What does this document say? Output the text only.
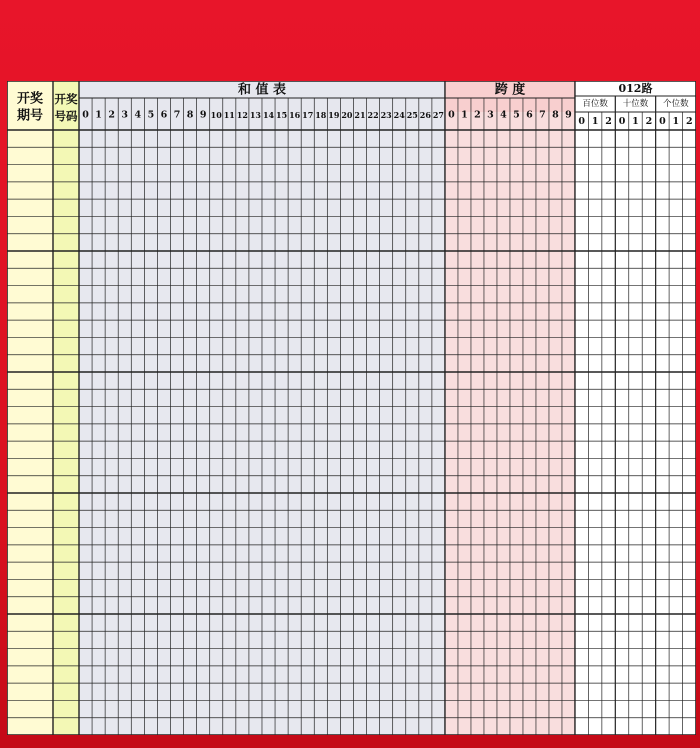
开奖
期号
开奖
号码
和 值 表	跨 度	012路
百位数 十位数 个位数
0 1 2 3 4 5 6 7 8 9 10 11 12 13 14 15 16 17 18 19 20 21 22 23 24 25 26 27 0 1 2 3 4 5 6 7 8 9
0 1 2 0 1 2 0 1 2
